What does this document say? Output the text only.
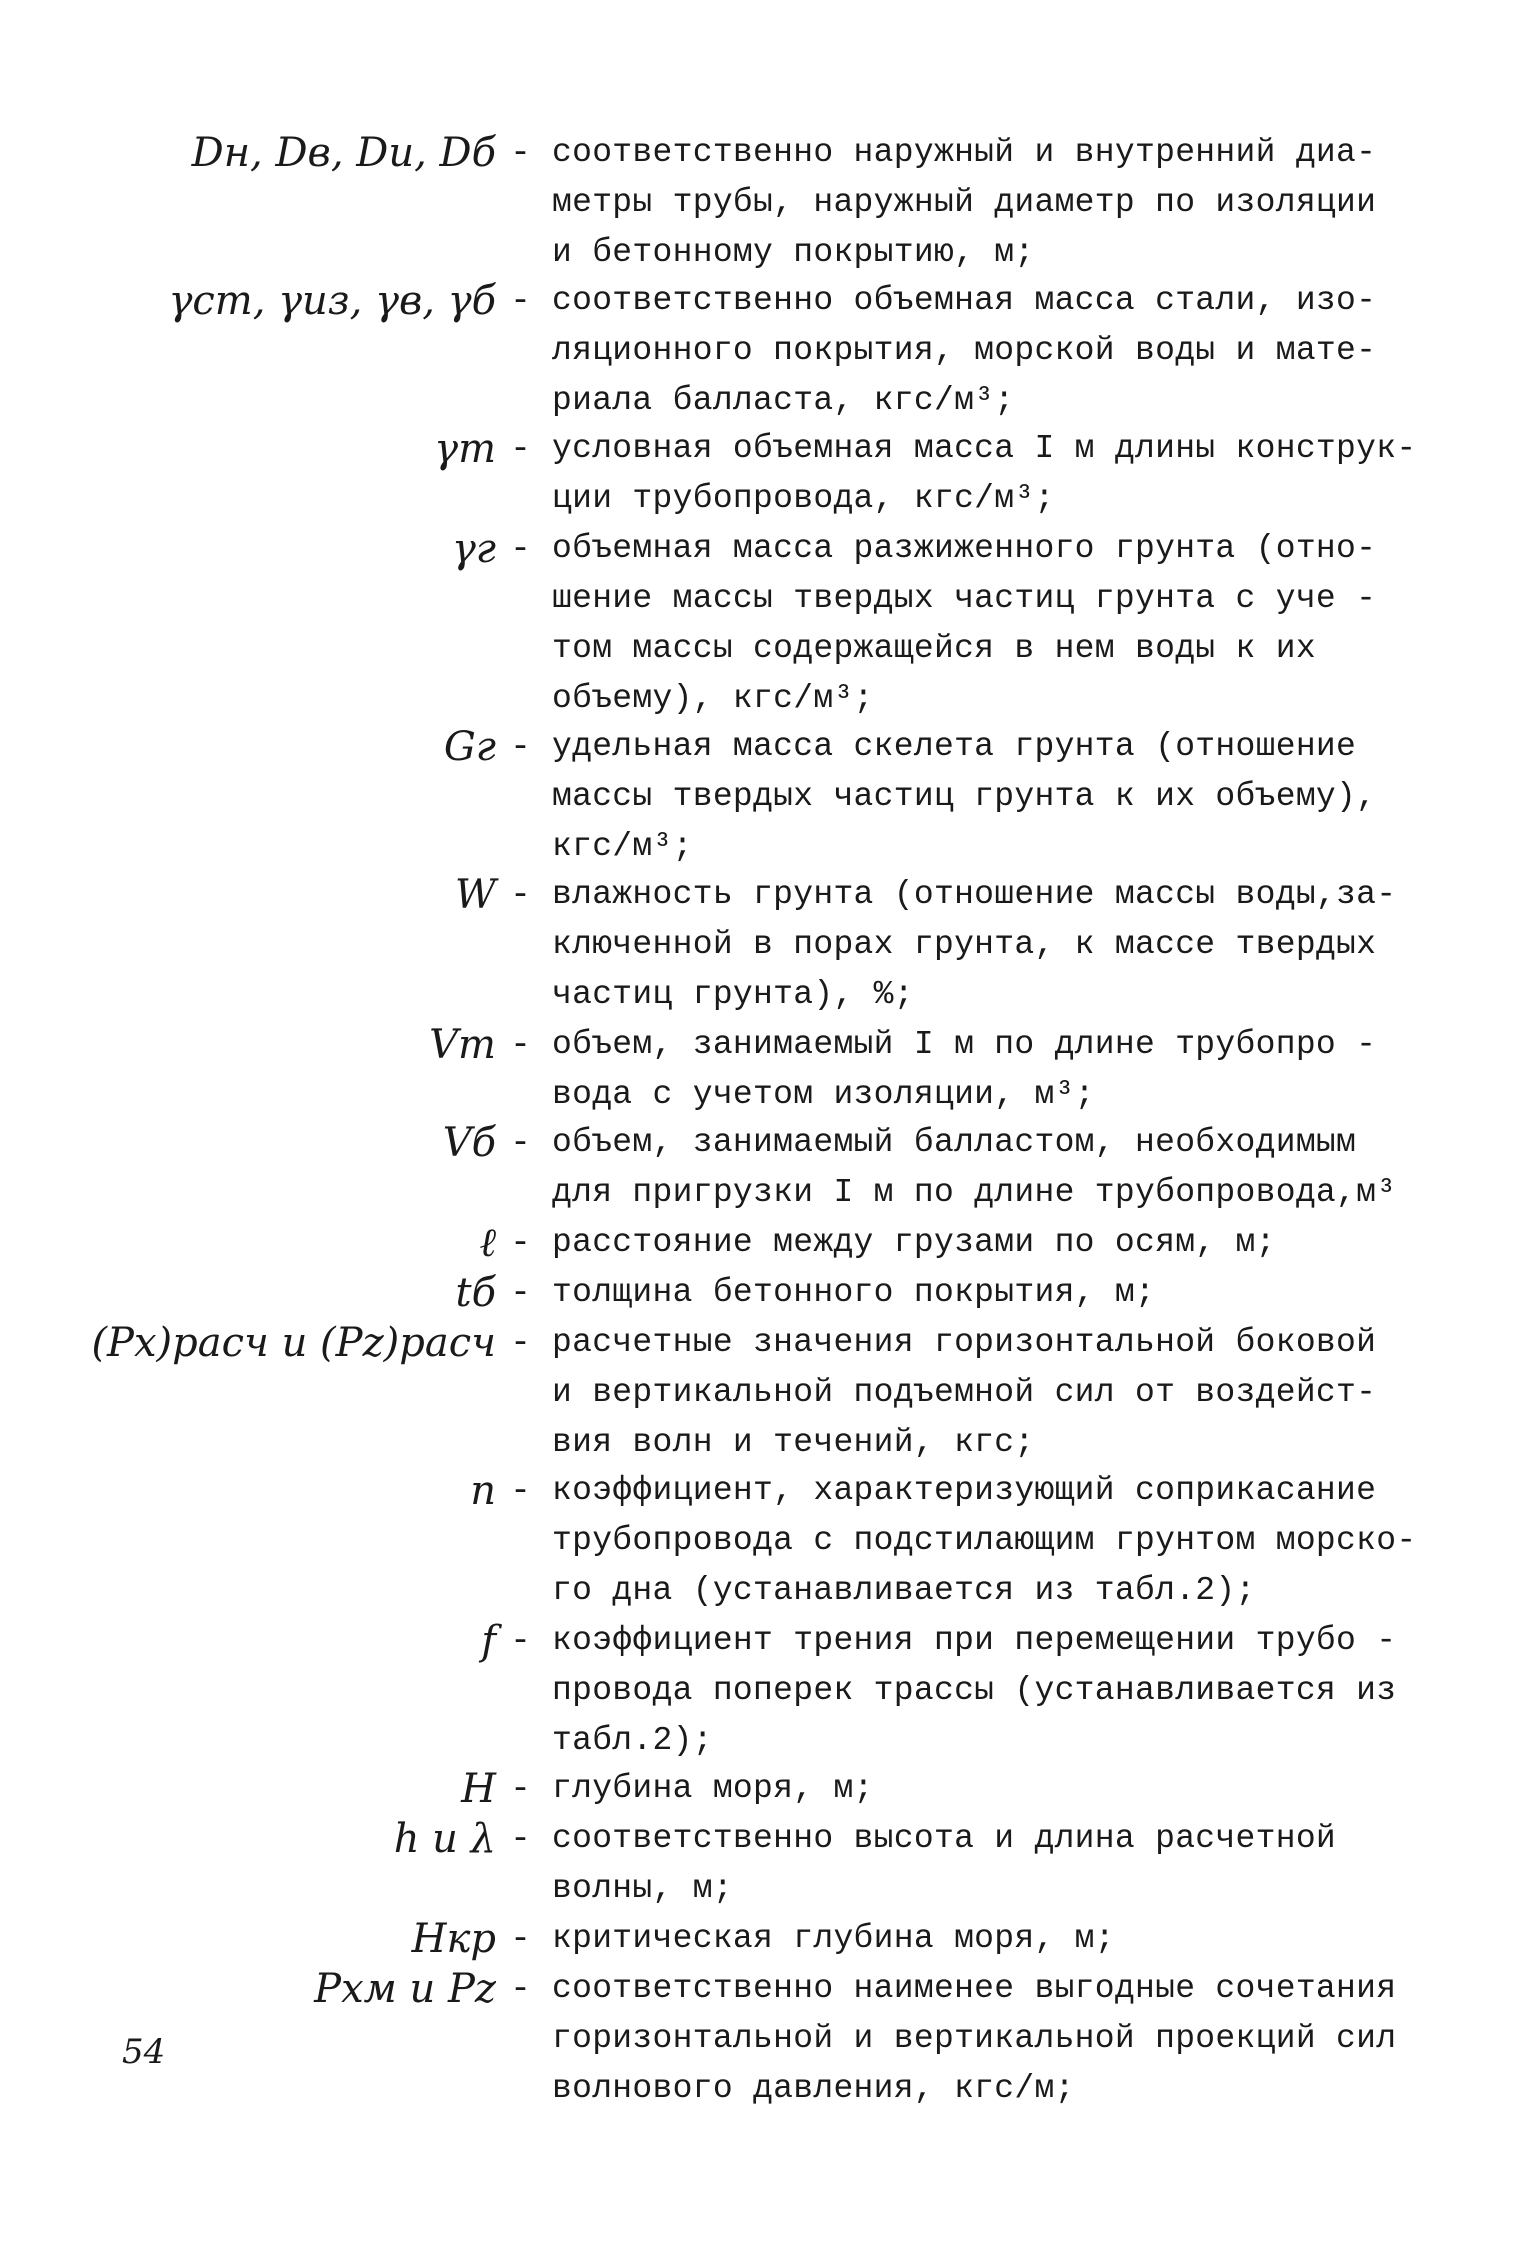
Dн, Dв, Dи, Dб - соответственно наружный и внутренний диа-
метры трубы, наружный диаметр по изоляции
и бетонному покрытию, м;
γст, γиз, γв, γб - соответственно объемная масса стали, изо-
ляционного покрытия, морской воды и мате-
риала балласта, кгс/м³;
γт - условная объемная масса I м длины конструк-
ции трубопровода, кгс/м³;
γг - объемная масса разжиженного грунта (отно-
шение массы твердых частиц грунта с уче -
том массы содержащейся в нем воды к их
объему), кгс/м³;
Gг - удельная масса скелета грунта (отношение
массы твердых частиц грунта к их объему),
кгс/м³;
W - влажность грунта (отношение массы воды,за-
ключенной в порах грунта, к массе твердых
частиц грунта), %;
Vт - объем, занимаемый I м по длине трубопро -
вода с учетом изоляции, м³;
Vб - объем, занимаемый балластом, необходимым
для пригрузки I м по длине трубопровода,м³
ℓ - расстояние между грузами по осям, м;
tб - толщина бетонного покрытия, м;
(Px)расч и (Pz)расч - расчетные значения горизонтальной боковой
и вертикальной подъемной сил от воздейст-
вия волн и течений, кгс;
n - коэффициент, характеризующий соприкасание
трубопровода с подстилающим грунтом морско-
го дна (устанавливается из табл.2);
f - коэффициент трения при перемещении трубо -
провода поперек трассы (устанавливается из
табл.2);
H - глубина моря, м;
h и λ - соответственно высота и длина расчетной
волны, м;
Hкр - критическая глубина моря, м;
Pxм и Pz - соответственно наименее выгодные сочетания
горизонтальной и вертикальной проекций сил
волнового давления, кгс/м;
54
